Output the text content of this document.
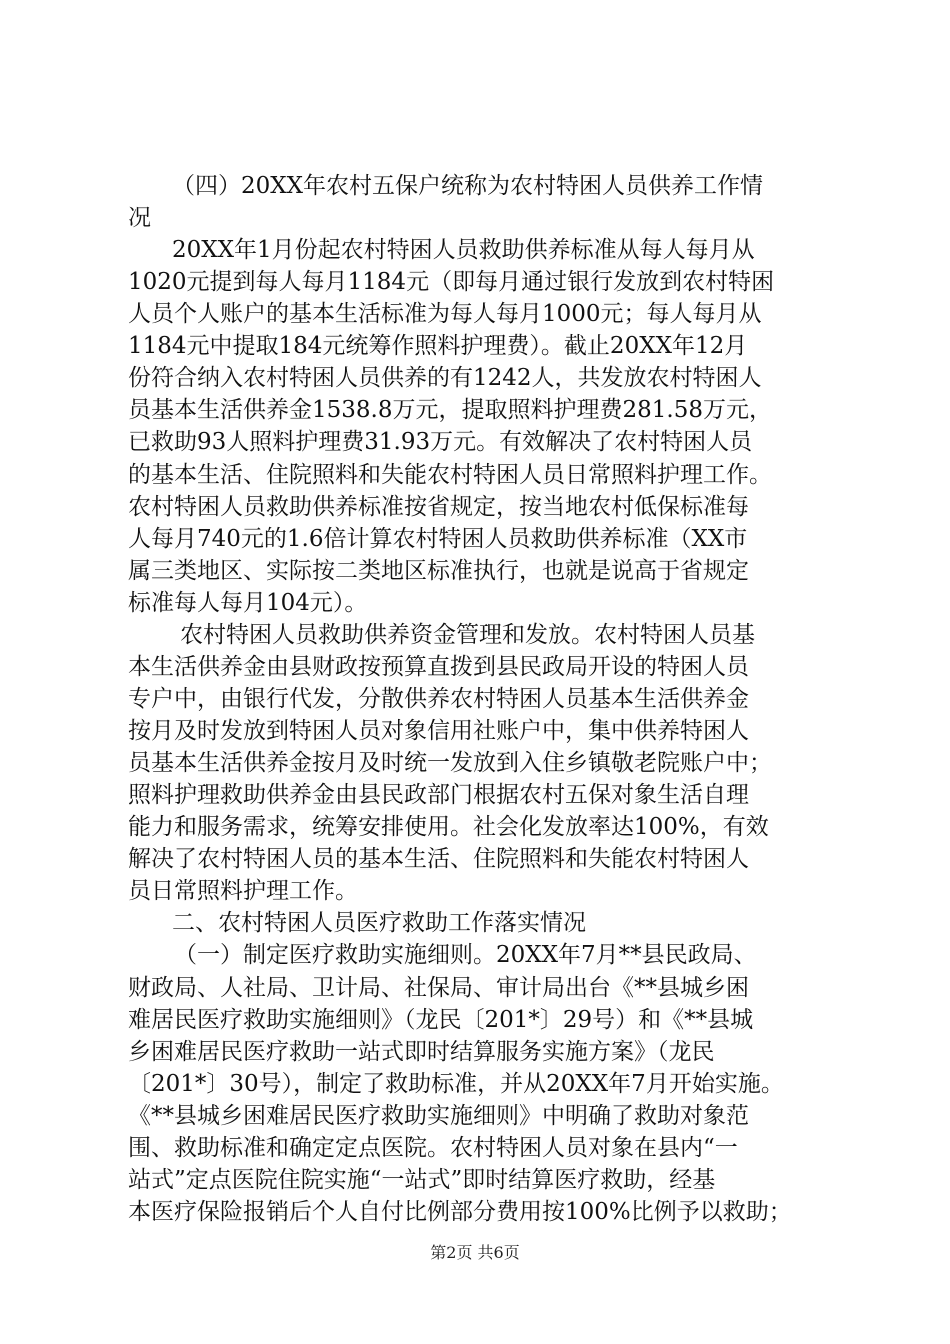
（四）20XX年农村五保户统称为农村特困人员供养工作情
况
20XX年1月份起农村特困人员救助供养标准从每人每月从
1020元提到每人每月1184元（即每月通过银行发放到农村特困
人员个人账户的基本生活标准为每人每月1000元；每人每月从
1184元中提取184元统筹作照料护理费）。截止20XX年12月
份符合纳入农村特困人员供养的有1242人，共发放农村特困人
员基本生活供养金1538.8万元，提取照料护理费281.58万元，
已救助93人照料护理费31.93万元。有效解决了农村特困人员
的基本生活、住院照料和失能农村特困人员日常照料护理工作。
农村特困人员救助供养标准按省规定，按当地农村低保标准每
人每月740元的1.6倍计算农村特困人员救助供养标准（XX市
属三类地区、实际按二类地区标准执行，也就是说高于省规定
标准每人每月104元）。
农村特困人员救助供养资金管理和发放。农村特困人员基
本生活供养金由县财政按预算直拨到县民政局开设的特困人员
专户中，由银行代发，分散供养农村特困人员基本生活供养金
按月及时发放到特困人员对象信用社账户中，集中供养特困人
员基本生活供养金按月及时统一发放到入住乡镇敬老院账户中；
照料护理救助供养金由县民政部门根据农村五保对象生活自理
能力和服务需求，统筹安排使用。社会化发放率达100%，有效
解决了农村特困人员的基本生活、住院照料和失能农村特困人
员日常照料护理工作。
二、农村特困人员医疗救助工作落实情况
（一）制定医疗救助实施细则。20XX年7月**县民政局、
财政局、人社局、卫计局、社保局、审计局出台《**县城乡困
难居民医疗救助实施细则》（龙民〔201*〕29号）和《**县城
乡困难居民医疗救助一站式即时结算服务实施方案》（龙民
〔201*〕30号），制定了救助标准，并从20XX年7月开始实施。
《**县城乡困难居民医疗救助实施细则》中明确了救助对象范
围、救助标准和确定定点医院。农村特困人员对象在县内“一
站式”定点医院住院实施“一站式”即时结算医疗救助，经基
本医疗保险报销后个人自付比例部分费用按100%比例予以救助；
第2页 共6页
